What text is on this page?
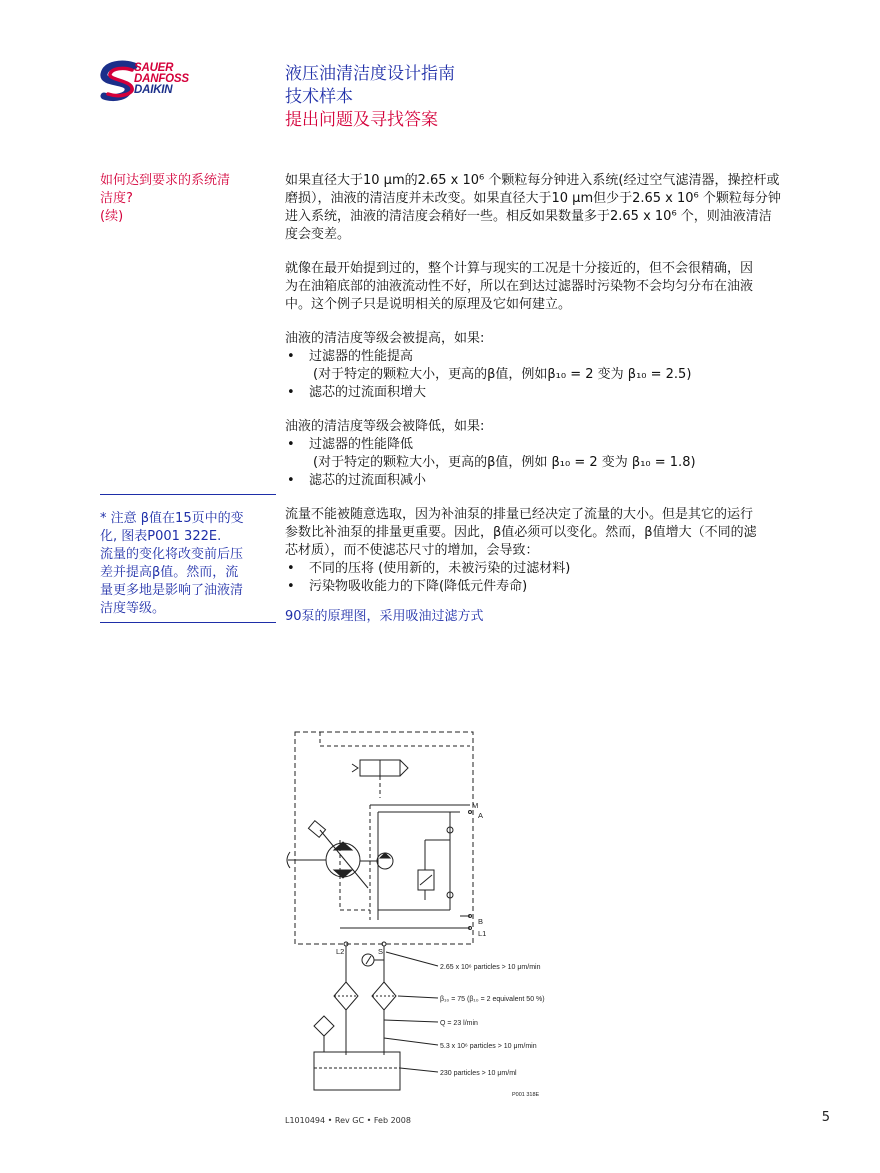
SAUER
DANFOSS
DAIKIN
液压油清洁度设计指南
技术样本
提出问题及寻找答案
如何达到要求的系统清
洁度?
(续)
* 注意 β值在15页中的变
化, 图表P001 322E.
流量的变化将改变前后压
差并提高β值。然而，流
量更多地是影响了油液清
洁度等级。

如果直径大于10 μm的2.65 x 10⁶ 个颗粒每分钟进入系统(经过空气滤清器，操控杆或
磨损），油液的清洁度并未改变。如果直径大于10 μm但少于2.65 x 10⁶ 个颗粒每分钟
进入系统，油液的清洁度会稍好一些。相反如果数量多于2.65 x 10⁶ 个，则油液清洁
度会变差。

就像在最开始提到过的，整个计算与现实的工况是十分接近的，但不会很精确，因
为在油箱底部的油液流动性不好，所以在到达过滤器时污染物不会均匀分布在油液
中。这个例子只是说明相关的原理及它如何建立。

油液的清洁度等级会被提高，如果:

• 过滤器的性能提高
(对于特定的颗粒大小，更高的β值，例如β₁₀ = 2 变为 β₁₀ = 2.5)
• 滤芯的过流面积增大

油液的清洁度等级会被降低，如果:

• 过滤器的性能降低
(对于特定的颗粒大小，更高的β值，例如 β₁₀ = 2 变为 β₁₀ = 1.8)
• 滤芯的过流面积减小

流量不能被随意选取，因为补油泵的排量已经决定了流量的大小。但是其它的运行
参数比补油泵的排量更重要。因此，β值必须可以变化。然而，β值增大（不同的滤
芯材质），而不使滤芯尺寸的增加，会导致：

• 不同的压将 (使用新的，未被污染的过滤材料)
• 污染物吸收能力的下降(降低元件寿命)

90泵的原理图，采用吸油过滤方式

M
A
B
L1
L2	S
2.65 x 10⁶ particles > 10 μm/min
β₁₀ = 75 (β₁₀ = 2 equivalent 50 %)
Q = 23 l/min
5.3 x 10⁶ particles > 10 μm/min
230 particles > 10 μm/ml
P001 318E
L1010494 • Rev GC • Feb 2008	5
